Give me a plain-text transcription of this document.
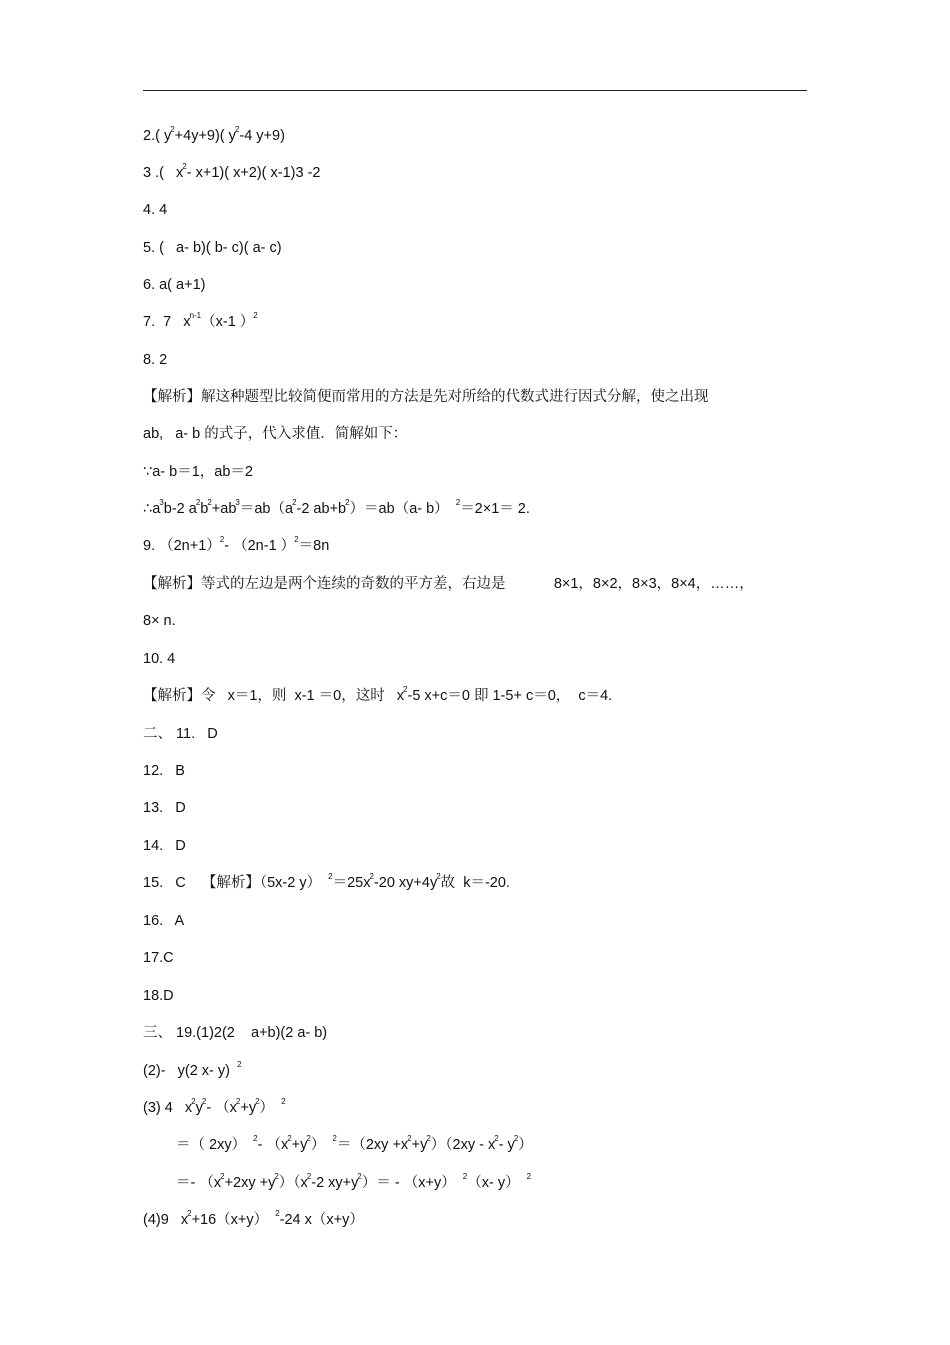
2.( $y^2+4y+9$)( $y^2-4$ y+9)
3 .(   $x^2-$ x+1)( x+2)( x-1)3 -2
4. 4
5. (   a- b)( b- c)( a- c)
6. a( a+1)
7.  7   $x^{n-1}(x-1$ ）$^2$
8. 2
【解析】解这种题型比较简便而常用的方法是先对所给的代数式进行因式分解，使之出现
ab,   a- b 的式子，代入求值．简解如下：
∵a- b＝1，ab＝2
$\therefore a^3b-2$ $a^2b^2+ab^3=ab(a^2-2$ $ab+b^2)=ab(a-$ b）  $^2$＝2×1＝ 2.
9. $(2n+1)^2-$ （2n-1 ）$^2$＝8n
【解析】等式的左边是两个连续的奇数的平方差，右边是            8×1，8×2，8×3，8×4，……，
8× n.
10. 4
【解析】令   x＝1，则  x-1 ＝0，这时   $x^2-5$ x+c＝0 即 1-5+ c＝0，  c＝4.
二、 11.   D
12.   B
13.   D
14.   D
15.   C    【解析】（5x-2 y）  $^2=25x^2-20$ $xy+4y^2$故  k＝-20.
16.   A
17.C
18.D
三、 19.(1)2(2    a+b)(2 a- b)
(2)-   y(2 x- y)  $^2$
(3) 4   $x^2y^2-$ $(x^2+y^2)$  $^2$
＝（ 2xy）  $^2$- $(x^2+y^2)$  $^2=(2xy +x^2+y^2)(2xy - x^2-$ $y^2$）
＝- $(x^2+2xy +y^2)(x^2-2$ $xy+y^2)= - (x+y)$  $^2$（x- y）  $^2$
(4)9   $x^2+16(x+y)$  $^2$-24 x（x+y）
